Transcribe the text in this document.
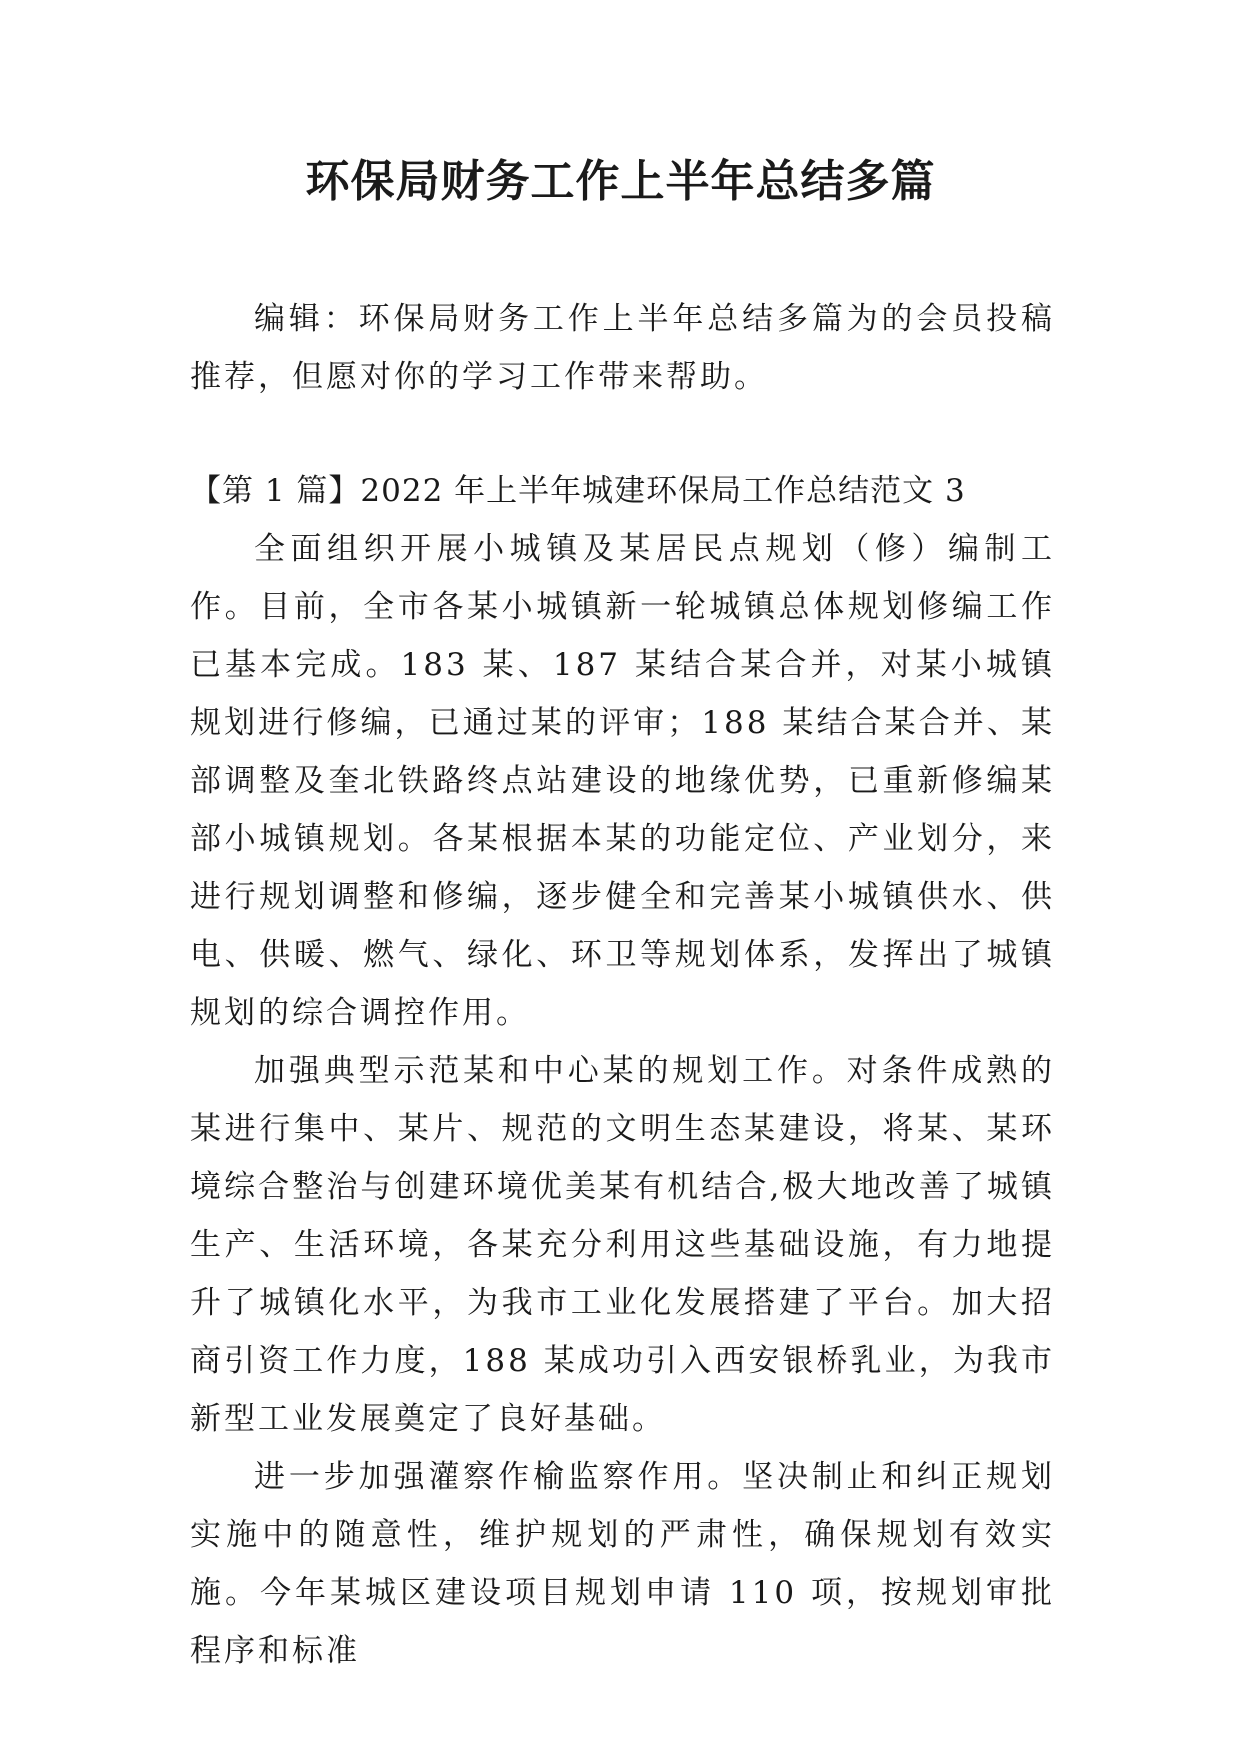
环保局财务工作上半年总结多篇

编辑：环保局财务工作上半年总结多篇为的会员投稿推荐，但愿对你的学习工作带来帮助。

【第 1 篇】2022 年上半年城建环保局工作总结范文 3

全面组织开展小城镇及某居民点规划（修）编制工作。目前，全市各某小城镇新一轮城镇总体规划修编工作已基本完成。183 某、187 某结合某合并，对某小城镇规划进行修编，已通过某的评审；188 某结合某合并、某部调整及奎北铁路终点站建设的地缘优势，已重新修编某部小城镇规划。各某根据本某的功能定位、产业划分，来进行规划调整和修编，逐步健全和完善某小城镇供水、供电、供暖、燃气、绿化、环卫等规划体系，发挥出了城镇规划的综合调控作用。

加强典型示范某和中心某的规划工作。对条件成熟的某进行集中、某片、规范的文明生态某建设，将某、某环境综合整治与创建环境优美某有机结合,极大地改善了城镇生产、生活环境，各某充分利用这些基础设施，有力地提升了城镇化水平，为我市工业化发展搭建了平台。加大招商引资工作力度，188 某成功引入西安银桥乳业，为我市新型工业发展奠定了良好基础。

进一步加强灌察作榆监察作用。坚决制止和纠正规划实施中的随意性，维护规划的严肃性，确保规划有效实施。今年某城区建设项目规划申请 110 项，按规划审批程序和标准
